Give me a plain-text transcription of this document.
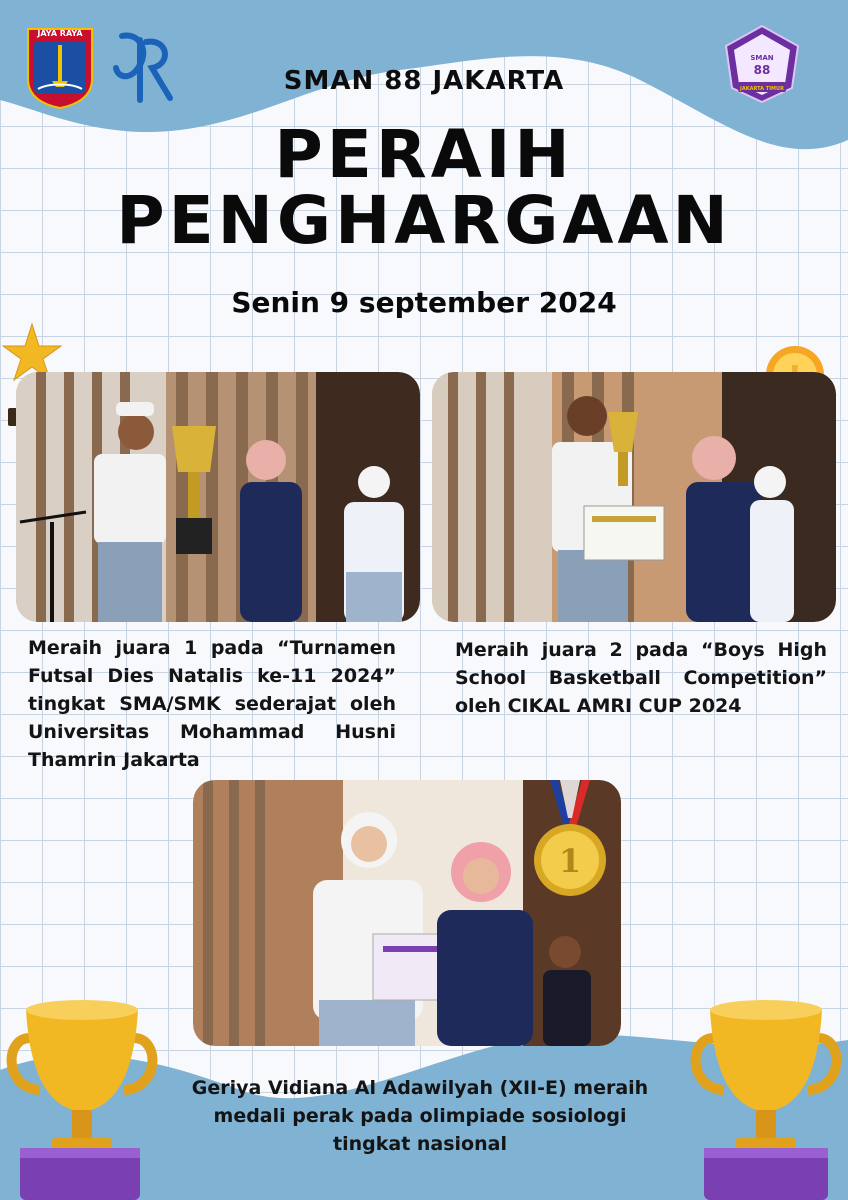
JAYA RAYA
SMAN
88
JAKARTA TIMUR
SMAN 88 JAKARTA
PERAIH
PENGHARGAAN
Senin 9 september 2024
Meraih juara 1 pada “Turnamen Futsal Dies Natalis ke-11 2024” tingkat SMA/SMK sederajat oleh Universitas Mohammad Husni Thamrin Jakarta
Meraih juara 2 pada “Boys High School Basketball Competition” oleh CIKAL AMRI CUP 2024
1
Geriya Vidiana Al Adawilyah (XII-E) meraih medali perak pada olimpiade sosiologi tingkat nasional
